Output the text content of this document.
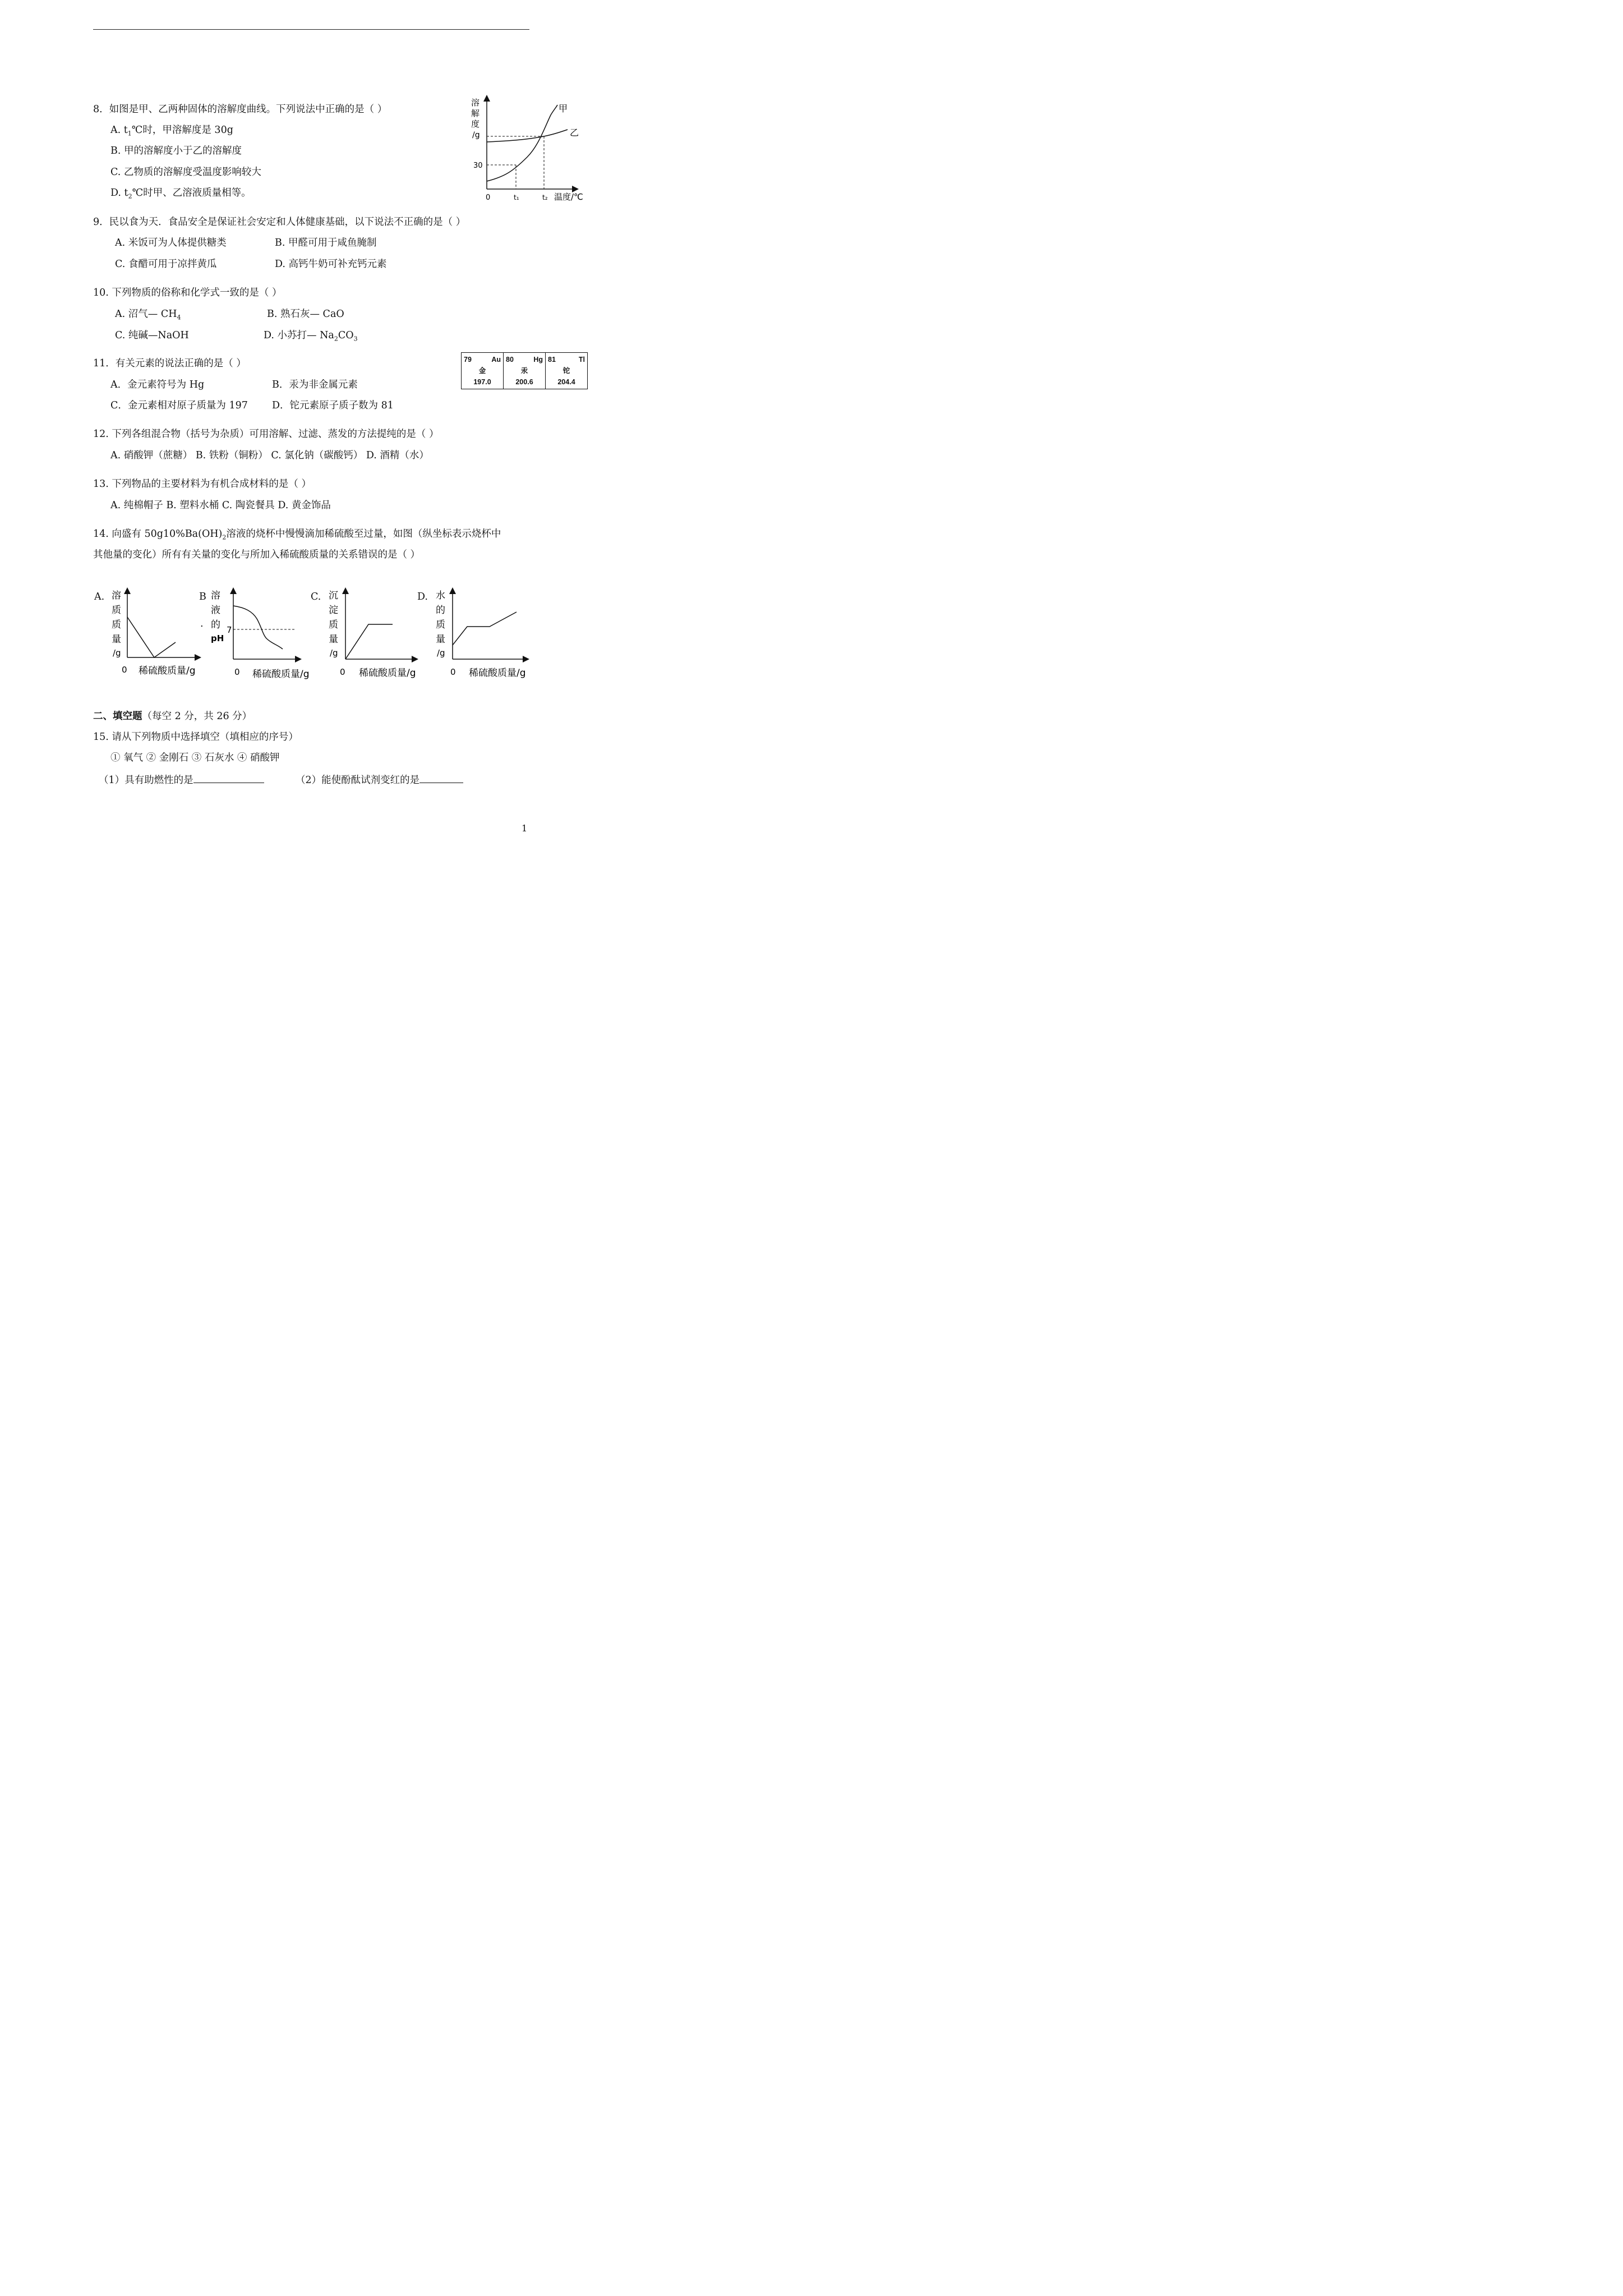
8．如图是甲、乙两种固体的溶解度曲线。下列说法中正确的是（ ）
A. $t_1℃$时，甲溶解度是 30g
B. 甲的溶解度小于乙的溶解度
C. 乙物质的溶解度受温度影响较大
D. $t_2℃$时甲、乙溶液质量相等。
溶
解
度
/g
甲
乙
30
0	t₁	t₂ 温度/℃
9．民以食为天．食品安全是保证社会安定和人体健康基础，以下说法不正确的是（ ）
A. 米饭可为人体提供糖类	B. 甲醛可用于咸鱼腌制
C. 食醋可用于凉拌黄瓜	D. 高钙牛奶可补充钙元素
10. 下列物质的俗称和化学式一致的是（ ）
A. 沼气— $CH_4$	B. 熟石灰— CaO
C. 纯碱—NaOH	D. 小苏打— $Na_2CO_3$
11．有关元素的说法正确的是（ ）
A．金元素符号为 Hg	B．汞为非金属元素
C．金元素相对原子质量为 197 D．铊元素原子质子数为 81
79	Au
金
197.0

80	Hg
汞
200.6

81	Tl
铊
204.4
12. 下列各组混合物（括号为杂质）可用溶解、过滤、蒸发的方法提纯的是（ ）
A. 硝酸钾（蔗糖） B. 铁粉（铜粉） C. 氯化钠（碳酸钙） D. 酒精（水）
13. 下列物品的主要材料为有机合成材料的是（ ）
A. 纯棉帽子 B. 塑料水桶 C. 陶瓷餐具 D. 黄金饰品
14. 向盛有 $50g10\%Ba(OH)_2$溶液的烧杯中慢慢滴加稀硫酸至过量，如图（纵坐标表示烧杯中
其他量的变化）所有有关量的变化与所加入稀硫酸质量的关系错误的是（ ）
A. 溶
质
质
量
/g
0 稀硫酸质量/g
B
.
溶
液
的
pH
7
0 稀硫酸质量/g
C. 沉
淀
质
量
/g
0 稀硫酸质量/g
D. 水
的
质
量
/g
0 稀硫酸质量/g
二、填空题（每空 2 分，共 26 分）
15. 请从下列物质中选择填空（填相应的序号）
① 氧气 ② 金刚石 ③ 石灰水 ④ 硝酸钾
（1）具有助燃性的是	（2）能使酚酞试剂变红的是
1
